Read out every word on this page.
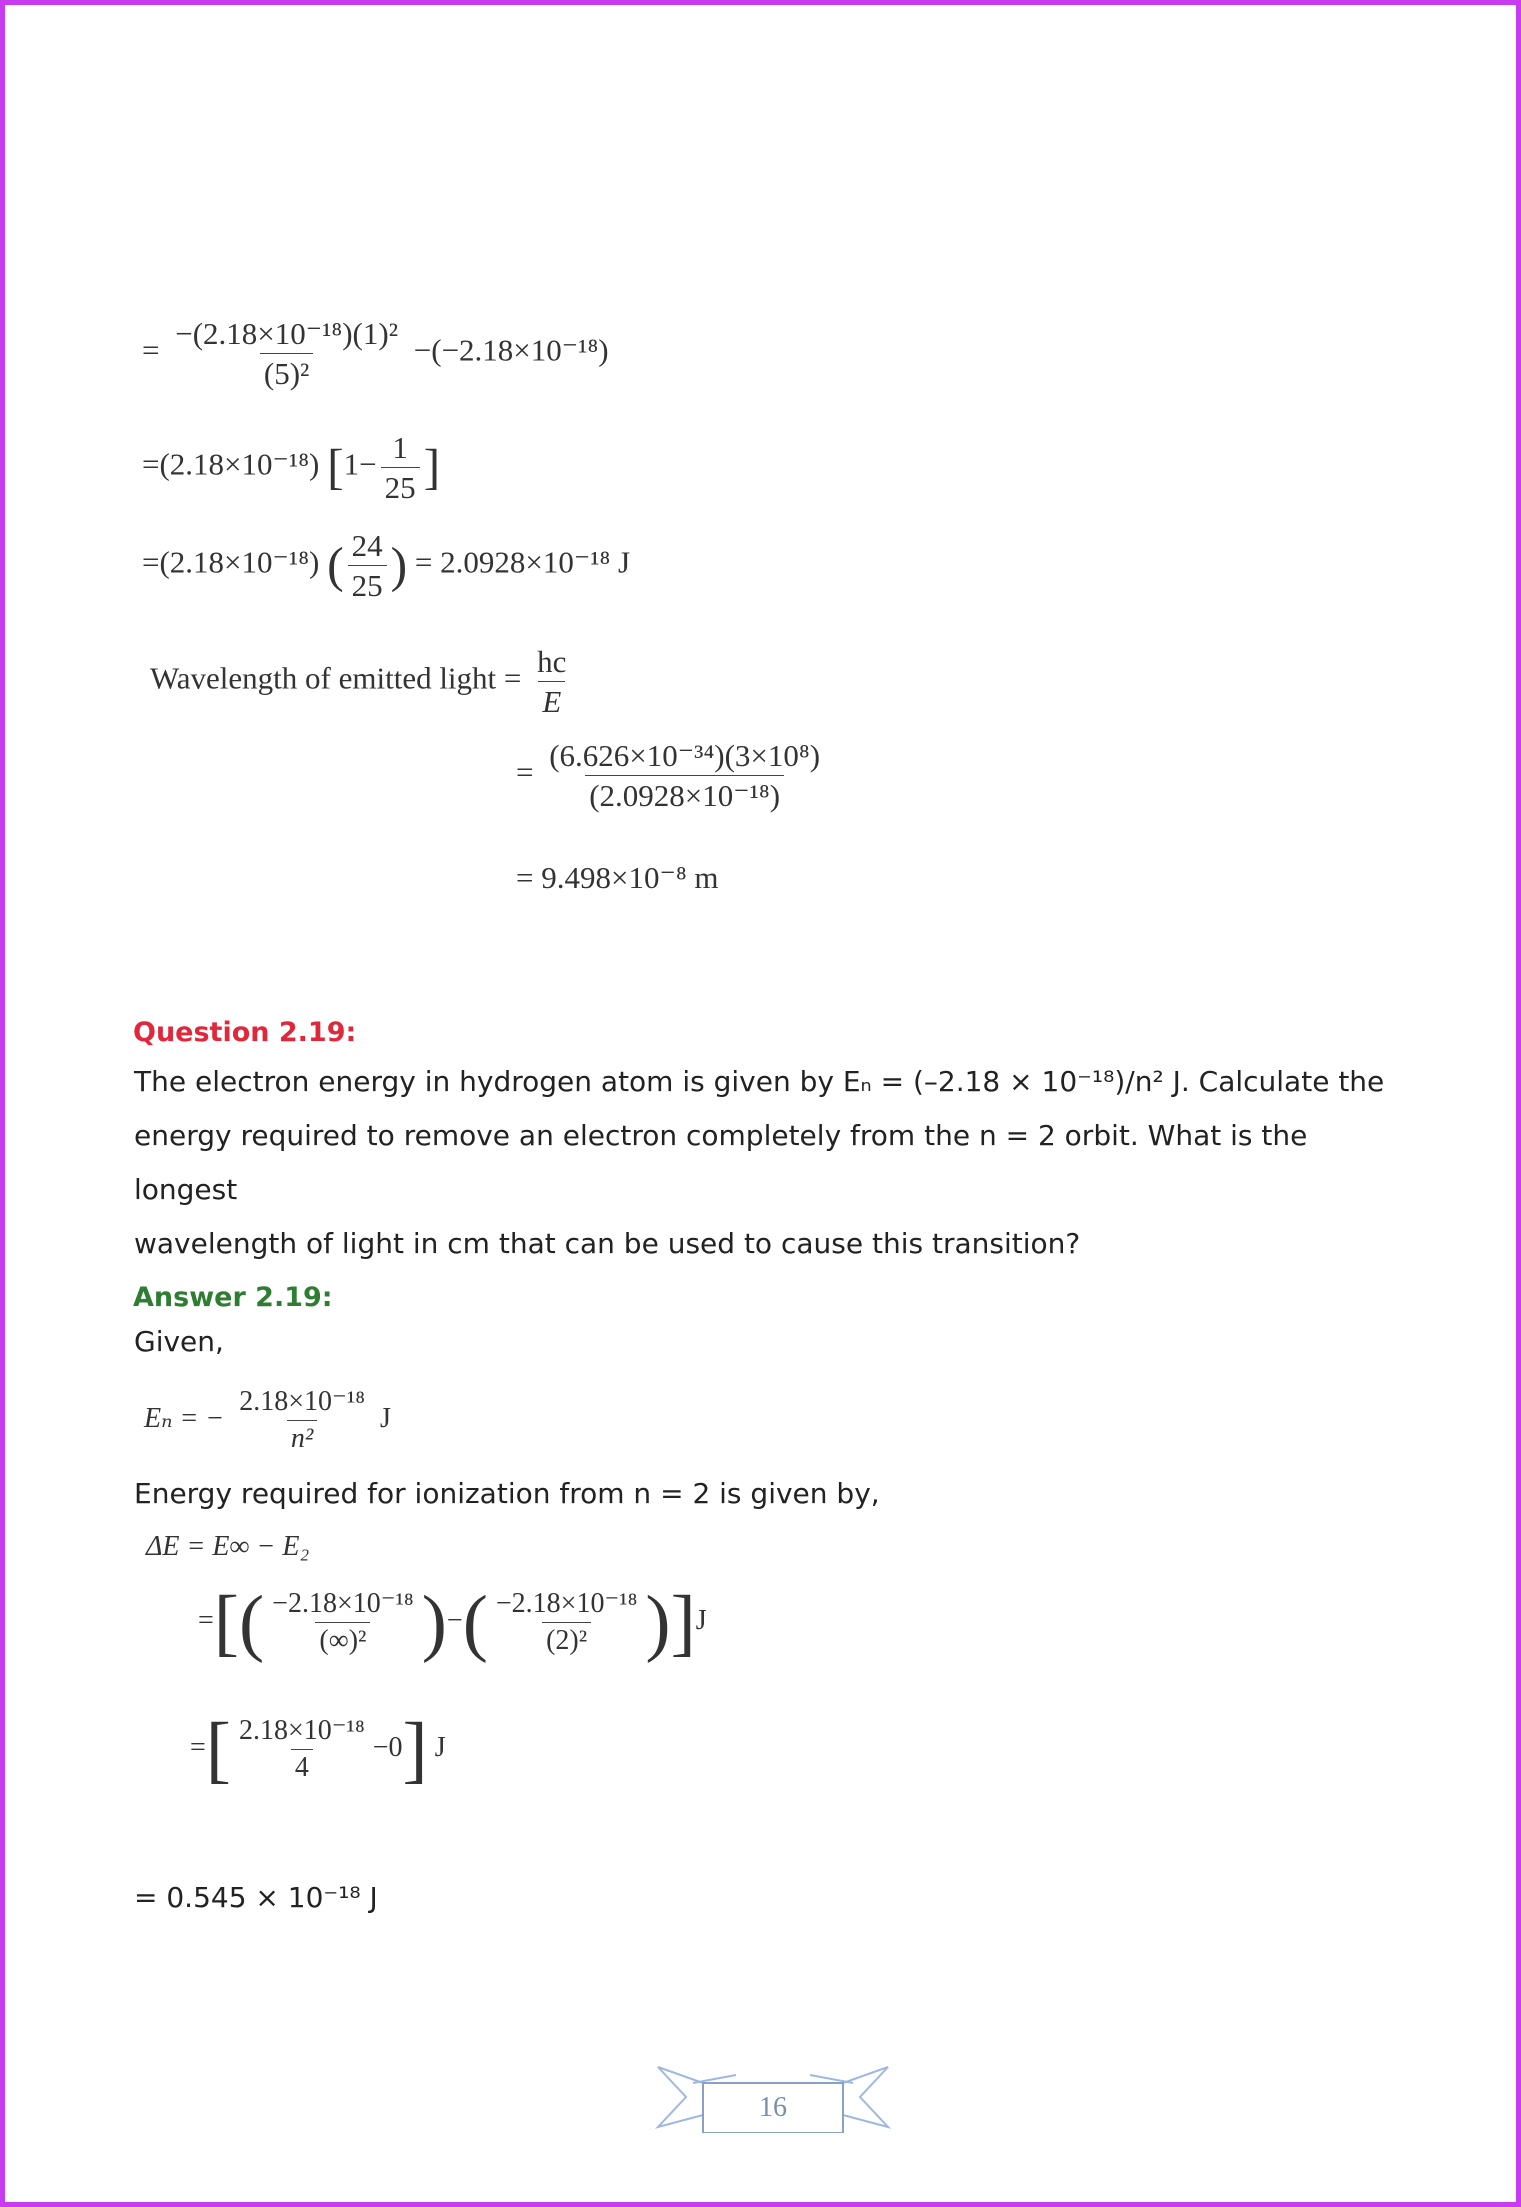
= $\frac{\text{−(2.18×10⁻¹⁸)(1)²}}{\text{(5)²}} -(-2.18\times 10^{-18})$
=(2.18×10⁻¹⁸) [$1- \frac{1}{25}$ ]
=(2.18×10⁻¹⁸) ( $\frac{24}{25}$ ) = 2.0928×10⁻¹⁸ J
Wavelength of emitted light = $\frac{hc}{E}$
= $\frac{\text{(6.626×10⁻³⁴)(3×10⁸)}}{\text{(2.0928×10⁻¹⁸)}}$
= 9.498×10⁻⁸ m
Question 2.19:
The electron energy in hydrogen atom is given by Eₙ = (–2.18 × 10⁻¹⁸)/n² J. Calculate the
energy required to remove an electron completely from the n = 2 orbit. What is the longest
wavelength of light in cm that can be used to cause this transition?
Answer 2.19:
Given,
Eₙ = − $\frac{\text{2.18×10⁻¹⁸}}{\text{n²}}$ J
Energy required for ionization from n = 2 is given by,
ΔE = E∞ − E₂
=[( $\frac{\text{−2.18×10⁻¹⁸}}{\text{(∞)²}}$ )−( $\frac{\text{−2.18×10⁻¹⁸}}{\text{(2)²}} )]J$
=[ $\frac{\text{2.18×10⁻¹⁸}}{4} -0$] J
= 0.545 × 10⁻¹⁸ J
16
